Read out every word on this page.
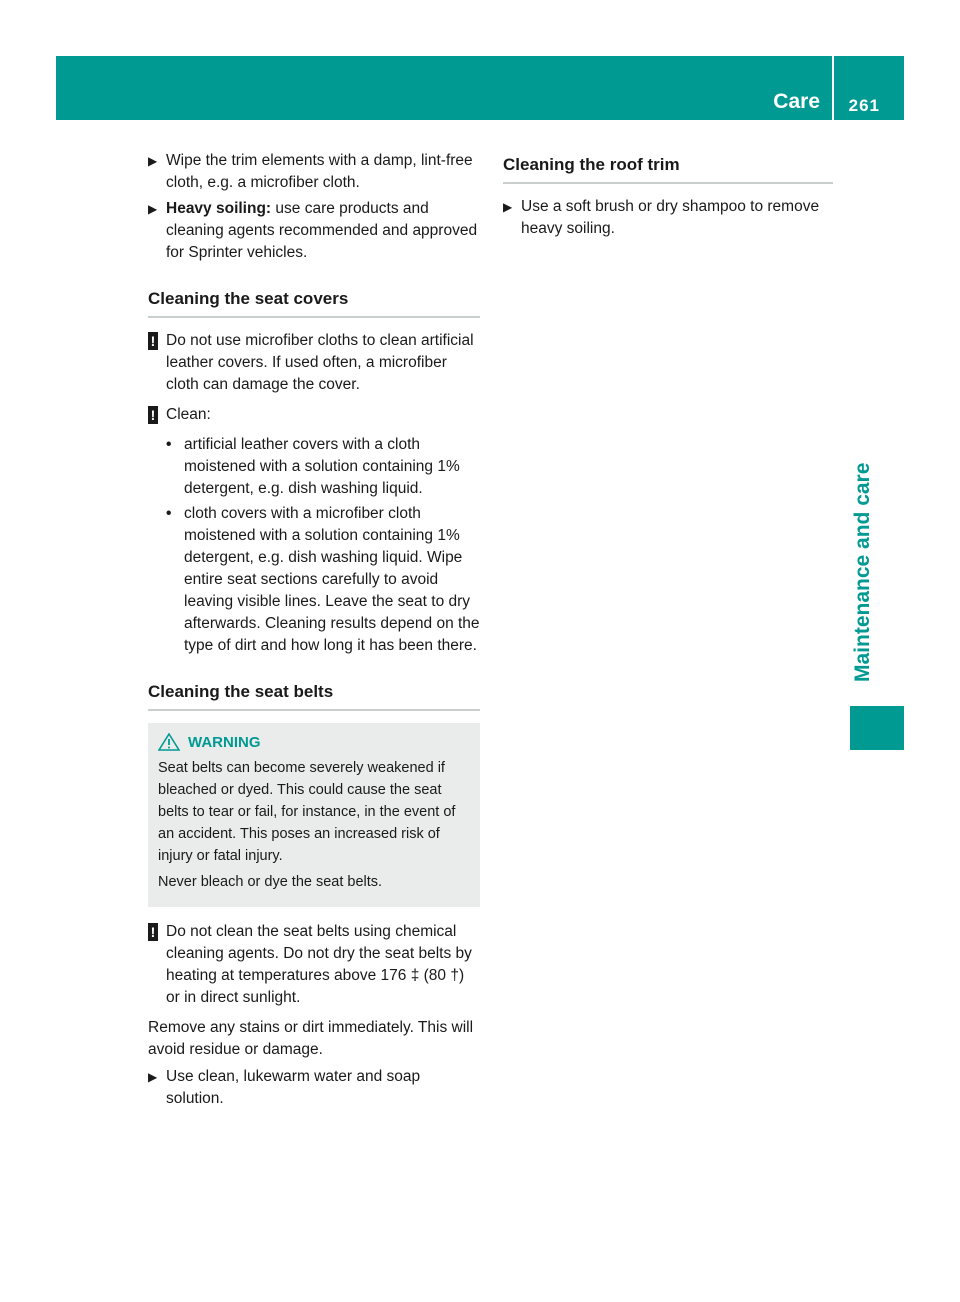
Care 261
Maintenance and care
▶ Wipe the trim elements with a damp, lint-free cloth, e.g. a microfiber cloth.
▶ Heavy soiling: use care products and cleaning agents recommended and approved for Sprinter vehicles.
Cleaning the seat covers
! Do not use microfiber cloths to clean artificial leather covers. If used often, a microfiber cloth can damage the cover.
! Clean:
• artificial leather covers with a cloth moistened with a solution containing 1% detergent, e.g. dish washing liquid.
• cloth covers with a microfiber cloth moistened with a solution containing 1% detergent, e.g. dish washing liquid. Wipe entire seat sections carefully to avoid leaving visible lines. Leave the seat to dry afterwards. Cleaning results depend on the type of dirt and how long it has been there.
Cleaning the seat belts
WARNING

Seat belts can become severely weakened if bleached or dyed. This could cause the seat belts to tear or fail, for instance, in the event of an accident. This poses an increased risk of injury or fatal injury.

Never bleach or dye the seat belts.

! Do not clean the seat belts using chemical cleaning agents. Do not dry the seat belts by heating at temperatures above 176 ‡ (80 †) or in direct sunlight.

Remove any stains or dirt immediately. This will avoid residue or damage.

▶ Use clean, lukewarm water and soap solution.
Cleaning the roof trim
▶ Use a soft brush or dry shampoo to remove heavy soiling.
